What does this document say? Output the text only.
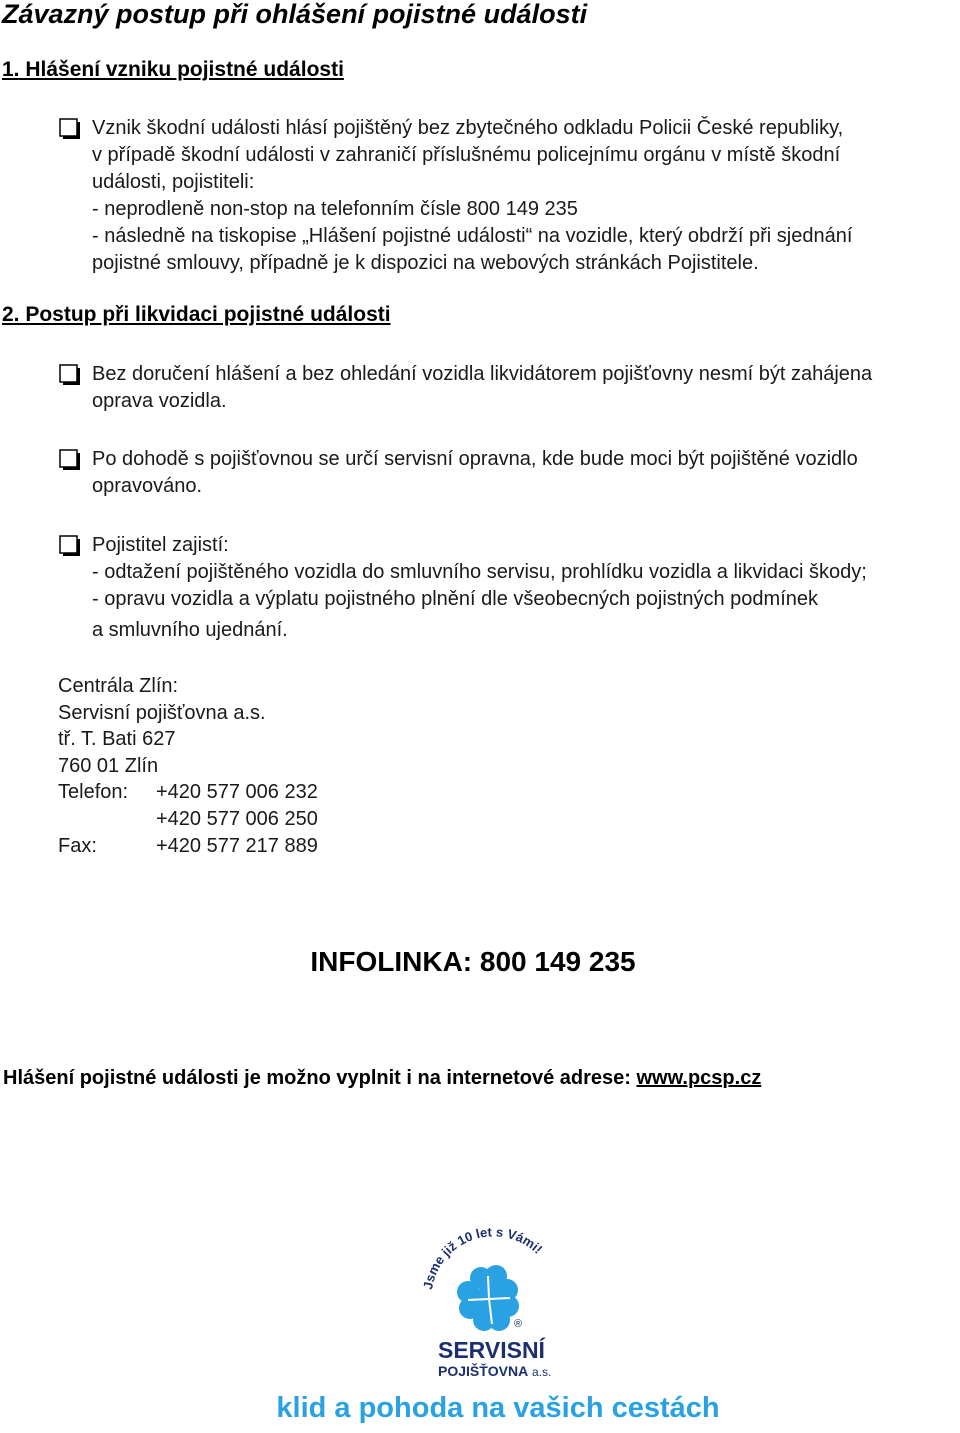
Závazný postup při ohlášení pojistné události
1. Hlášení vzniku pojistné události
Vznik škodní události hlásí pojištěný bez zbytečného odkladu Policii České republiky,
v případě škodní události v zahraničí příslušnému policejnímu orgánu v místě škodní
události, pojistiteli:
- neprodleně non-stop na telefonním čísle 800 149 235
- následně na tiskopise „Hlášení pojistné události“ na vozidle, který obdrží při sjednání
pojistné smlouvy, případně je k dispozici na webových stránkách Pojistitele.
2. Postup při likvidaci pojistné události
Bez doručení hlášení a bez ohledání vozidla likvidátorem pojišťovny nesmí být zahájena
oprava vozidla.
Po dohodě s pojišťovnou se určí servisní opravna, kde bude moci být pojištěné vozidlo
opravováno.
Pojistitel zajistí:
- odtažení pojištěného vozidla do smluvního servisu, prohlídku vozidla a likvidaci škody;
- opravu vozidla a výplatu pojistného plnění dle všeobecných pojistných podmínek
a smluvního ujednání.
Centrála Zlín:
Servisní pojišťovna a.s.
tř. T. Bati 627
760 01 Zlín
Telefon: +420 577 006 232
+420 577 006 250
Fax:	+420 577 217 889
INFOLINKA: 800 149 235
Hlášení pojistné události je možno vyplnit i na internetové adrese: www.pcsp.cz
Jsme již 10 let s Vámi!
®
SERVISNÍ
POJIŠŤOVNA a.s.
klid a pohoda na vašich cestách
